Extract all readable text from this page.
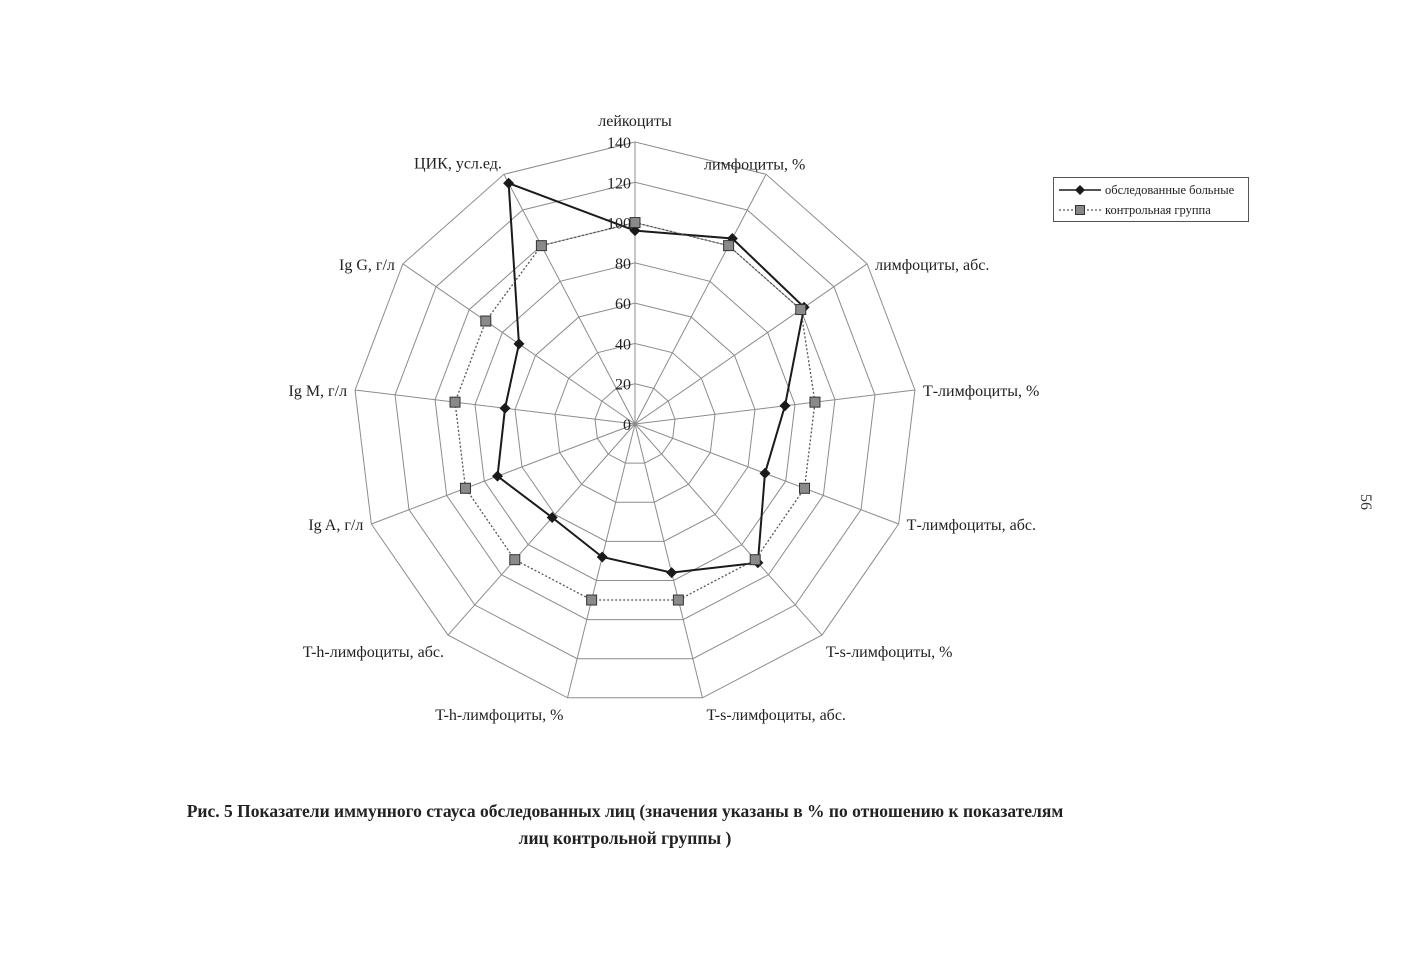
0
20
40
60
80
100
120
140
лейкоциты
лимфоциты, %
лимфоциты, абс.
Т-лимфоциты, %
Т-лимфоциты, абс.
T-s-лимфоциты, %
T-s-лимфоциты, абс.
T-h-лимфоциты, %
T-h-лимфоциты, абс.
Ig A, г/л
Ig M, г/л
Ig G, г/л
ЦИК, усл.ед.
обследованные больные
контрольная группа
Рис. 5 Показатели иммунного стауса обследованных лиц (значения указаны в % по отношению к показателям
лиц контрольной группы )
56
